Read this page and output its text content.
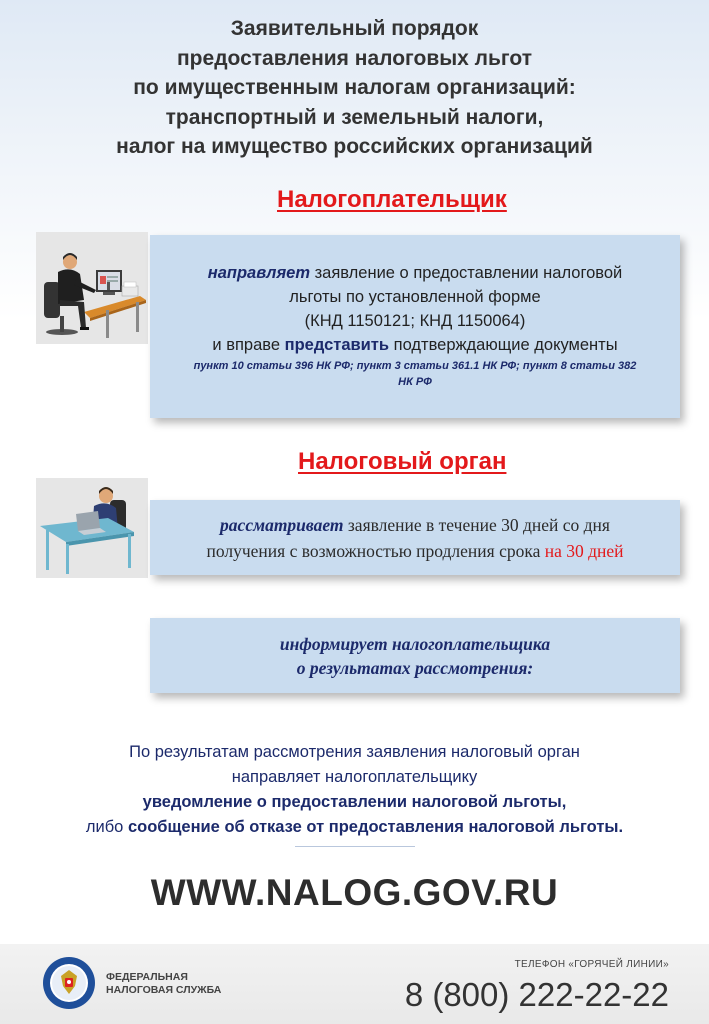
Заявительный порядок
предоставления налоговых льгот
по имущественным налогам организаций:
транспортный и земельный налоги,
налог на имущество российских организаций
Налогоплательщик
направляет заявление о предоставлении налоговой
льготы по установленной форме
(КНД 1150121; КНД 1150064)
и вправе представить подтверждающие документы
пункт 10 статьи 396 НК РФ; пункт 3 статьи 361.1 НК РФ; пункт 8 статьи 382
НК РФ
Налоговый орган
рассматривает заявление в течение 30 дней со дня
получения с возможностью продления срока на 30 дней
информирует налогоплательщика
о результатах рассмотрения:
По результатам рассмотрения заявления налоговый орган
направляет налогоплательщику
уведомление о предоставлении налоговой льготы,
либо сообщение об отказе от предоставления налоговой льготы.
WWW.NALOG.GOV.RU
ФЕДЕРАЛЬНАЯ
НАЛОГОВАЯ СЛУЖБА
ТЕЛЕФОН «ГОРЯЧЕЙ ЛИНИИ»
8 (800) 222-22-22
